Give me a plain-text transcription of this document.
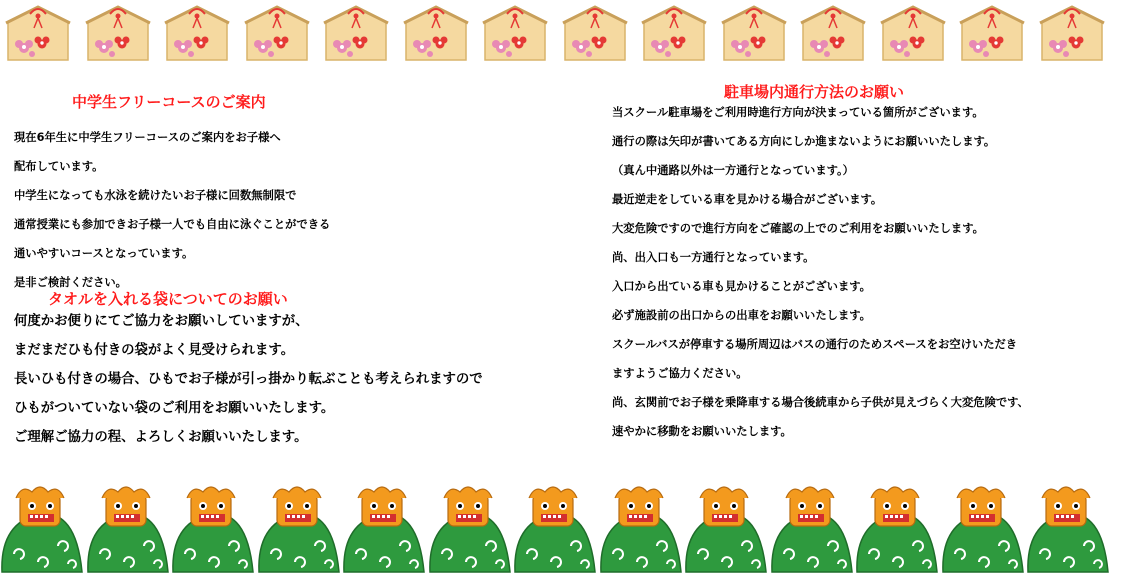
中学生フリーコースのご案内

現在6年生に中学生フリーコースのご案内をお子様へ

配布しています。

中学生になっても水泳を続けたいお子様に回数無制限で

通常授業にも参加できお子様一人でも自由に泳ぐことができる

通いやすいコースとなっています。

是非ご検討ください。

タオルを入れる袋についてのお願い

何度かお便りにてご協力をお願いしていますが、

まだまだひも付きの袋がよく見受けられます。

長いひも付きの場合、ひもでお子様が引っ掛かり転ぶことも考えられますので

ひもがついていない袋のご利用をお願いいたします。

ご理解ご協力の程、よろしくお願いいたします。

駐車場内通行方法のお願い

当スクール駐車場をご利用時進行方向が決まっている箇所がございます。

通行の際は矢印が書いてある方向にしか進まないようにお願いいたします。

（真ん中通路以外は一方通行となっています。）

最近逆走をしている車を見かける場合がございます。

大変危険ですので進行方向をご確認の上でのご利用をお願いいたします。

尚、出入口も一方通行となっています。

入口から出ている車も見かけることがございます。

必ず施設前の出口からの出車をお願いいたします。

スクールバスが停車する場所周辺はバスの通行のためスペースをお空けいただき

ますようご協力ください。

尚、玄関前でお子様を乗降車する場合後続車から子供が見えづらく大変危険です、

速やかに移動をお願いいたします。
